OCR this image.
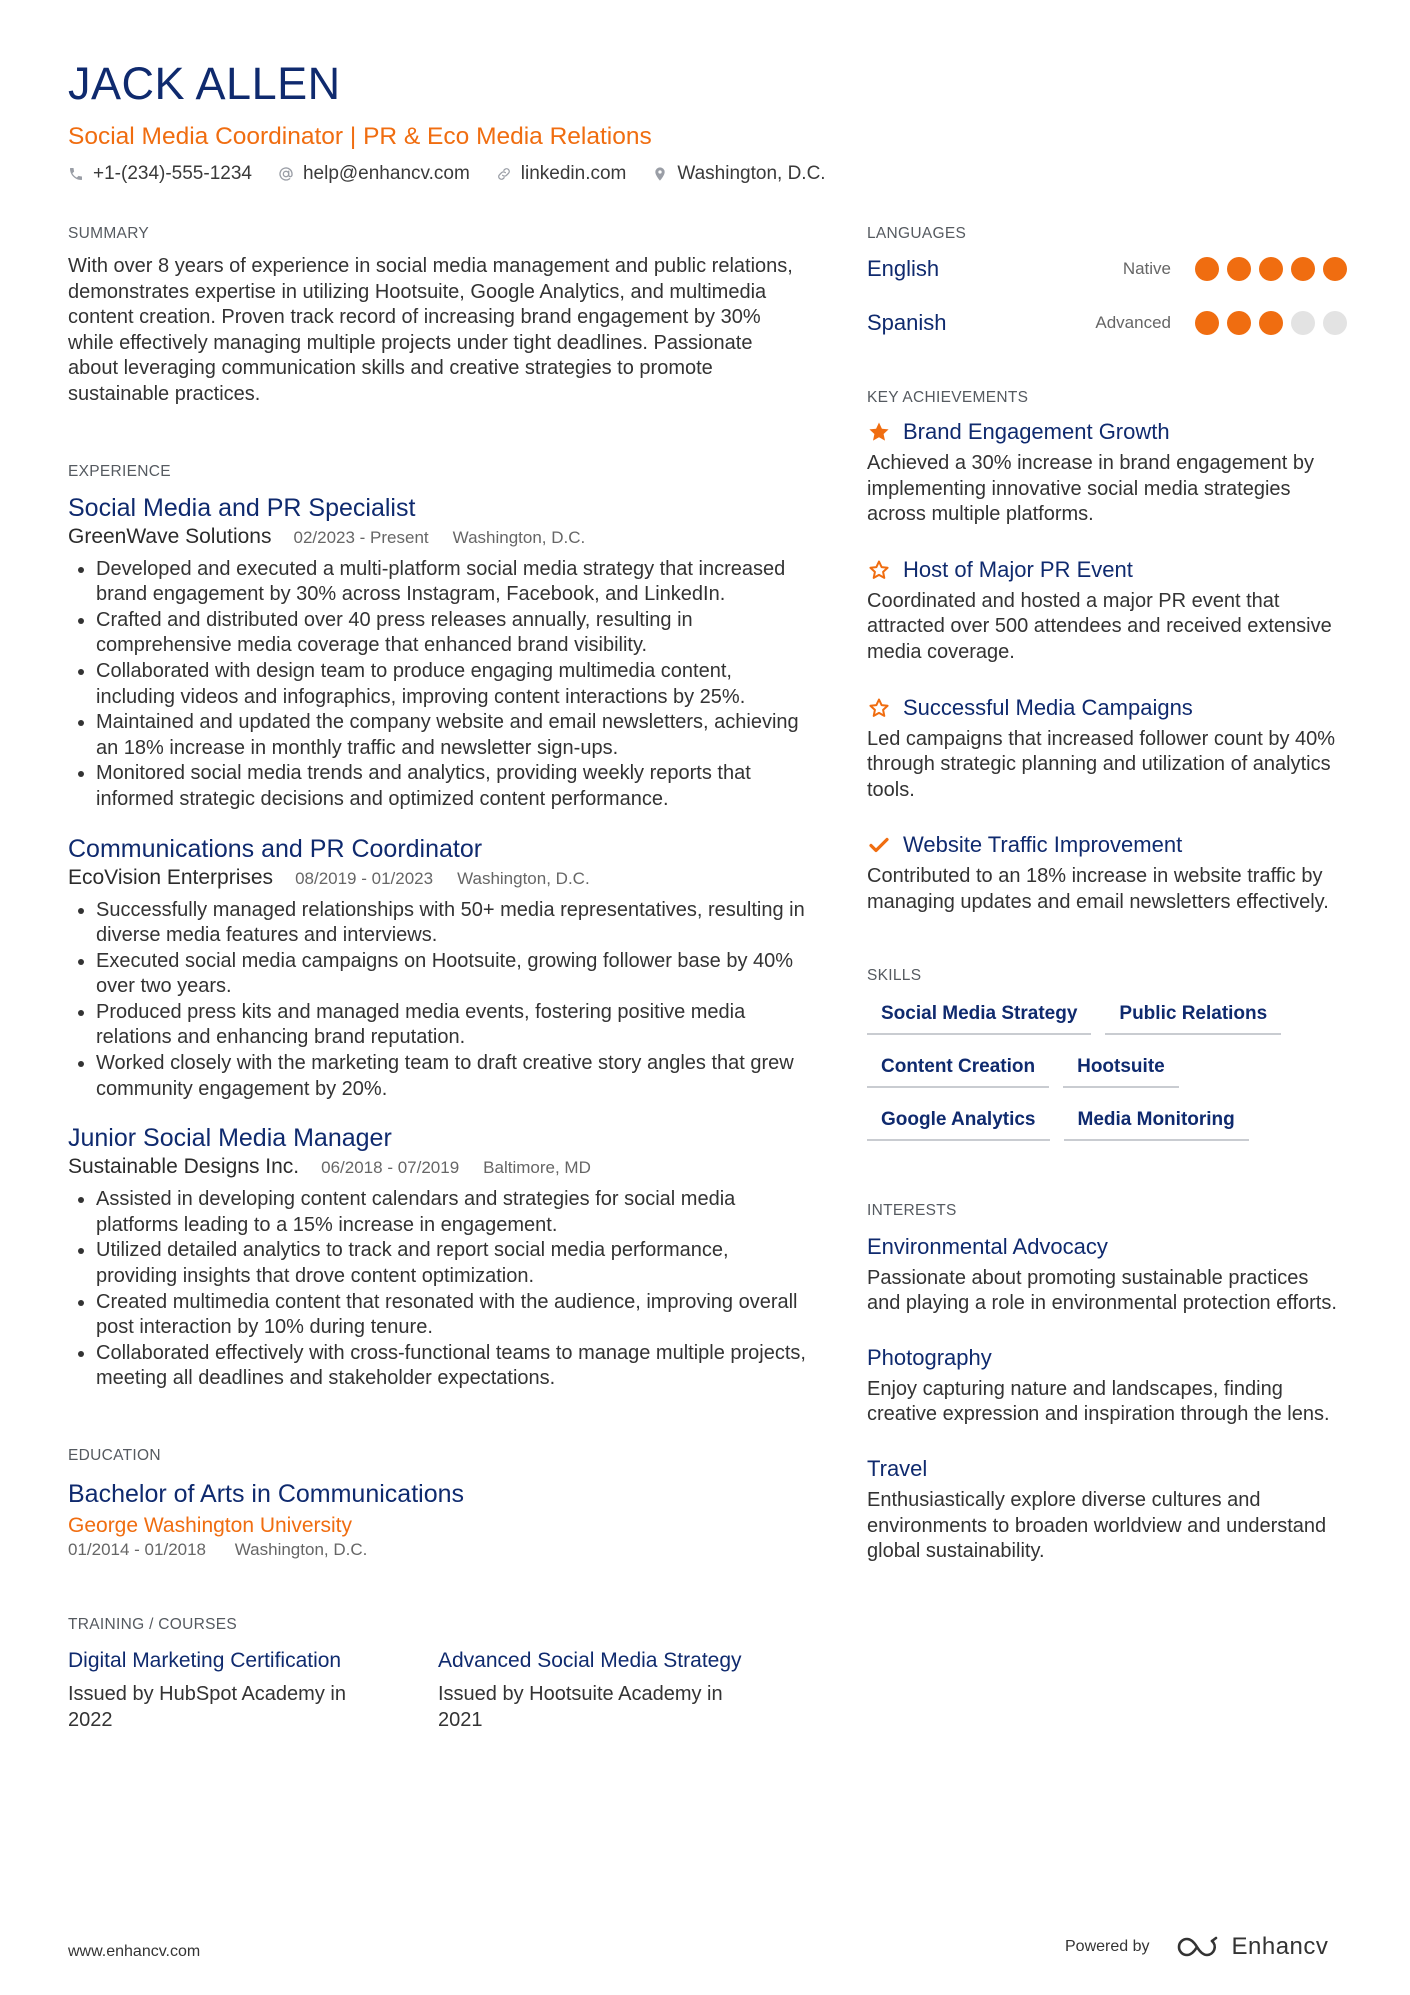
JACK ALLEN
Social Media Coordinator | PR & Eco Media Relations
+1-(234)-555-1234	help@enhancv.com	linkedin.com	Washington, D.C.
SUMMARY
With over 8 years of experience in social media management and public relations, demonstrates expertise in utilizing Hootsuite, Google Analytics, and multimedia content creation. Proven track record of increasing brand engagement by 30% while effectively managing multiple projects under tight deadlines. Passionate about leveraging communication skills and creative strategies to promote sustainable practices.
EXPERIENCE
Social Media and PR Specialist
GreenWave Solutions 02/2023 - Present Washington, D.C.
Developed and executed a multi-platform social media strategy that increased brand engagement by 30% across Instagram, Facebook, and LinkedIn.
Crafted and distributed over 40 press releases annually, resulting in comprehensive media coverage that enhanced brand visibility.
Collaborated with design team to produce engaging multimedia content, including videos and infographics, improving content interactions by 25%.
Maintained and updated the company website and email newsletters, achieving an 18% increase in monthly traffic and newsletter sign-ups.
Monitored social media trends and analytics, providing weekly reports that informed strategic decisions and optimized content performance.
Communications and PR Coordinator
EcoVision Enterprises 08/2019 - 01/2023 Washington, D.C.
Successfully managed relationships with 50+ media representatives, resulting in diverse media features and interviews.
Executed social media campaigns on Hootsuite, growing follower base by 40% over two years.
Produced press kits and managed media events, fostering positive media relations and enhancing brand reputation.
Worked closely with the marketing team to draft creative story angles that grew community engagement by 20%.
Junior Social Media Manager
Sustainable Designs Inc. 06/2018 - 07/2019 Baltimore, MD
Assisted in developing content calendars and strategies for social media platforms leading to a 15% increase in engagement.
Utilized detailed analytics to track and report social media performance, providing insights that drove content optimization.
Created multimedia content that resonated with the audience, improving overall post interaction by 10% during tenure.
Collaborated effectively with cross-functional teams to manage multiple projects, meeting all deadlines and stakeholder expectations.
EDUCATION
Bachelor of Arts in Communications
George Washington University
01/2014 - 01/2018 Washington, D.C.
TRAINING / COURSES
Digital Marketing Certification
Issued by HubSpot Academy in 2022
Advanced Social Media Strategy
Issued by Hootsuite Academy in 2021
LANGUAGES
English	Native
Spanish	Advanced
KEY ACHIEVEMENTS
Brand Engagement Growth
Achieved a 30% increase in brand engagement by implementing innovative social media strategies across multiple platforms.
Host of Major PR Event
Coordinated and hosted a major PR event that attracted over 500 attendees and received extensive media coverage.
Successful Media Campaigns
Led campaigns that increased follower count by 40% through strategic planning and utilization of analytics tools.
Website Traffic Improvement
Contributed to an 18% increase in website traffic by managing updates and email newsletters effectively.
SKILLS
Social Media Strategy	Public Relations
Content Creation	Hootsuite
Google Analytics	Media Monitoring
INTERESTS
Environmental Advocacy
Passionate about promoting sustainable practices and playing a role in environmental protection efforts.
Photography
Enjoy capturing nature and landscapes, finding creative expression and inspiration through the lens.
Travel
Enthusiastically explore diverse cultures and environments to broaden worldview and understand global sustainability.
www.enhancv.com	Powered by	Enhancv
